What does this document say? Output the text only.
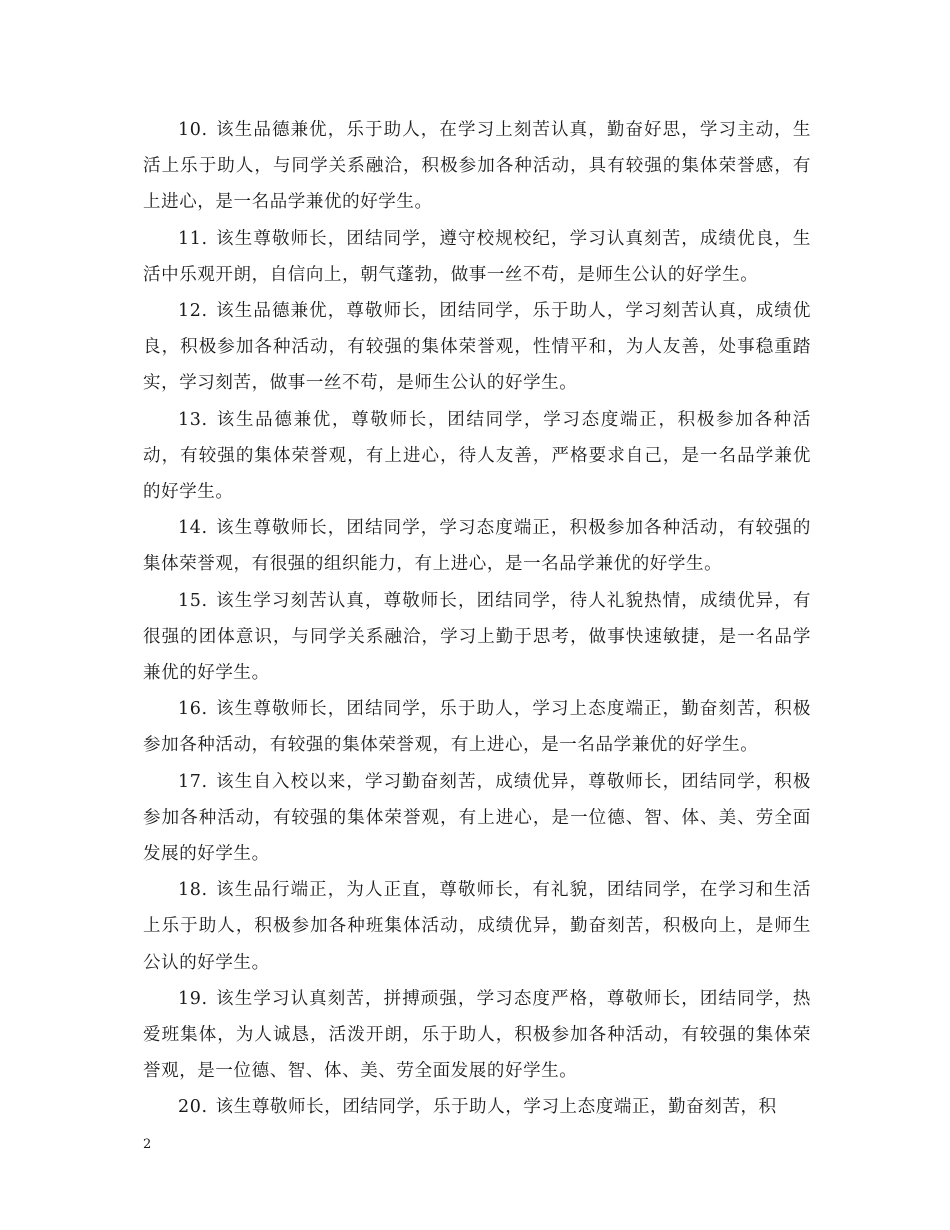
10. 该生品德兼优，乐于助人，在学习上刻苦认真，勤奋好思，学习主动，生活上乐于助人，与同学关系融洽，积极参加各种活动，具有较强的集体荣誉感，有上进心，是一名品学兼优的好学生。

11. 该生尊敬师长，团结同学，遵守校规校纪，学习认真刻苦，成绩优良，生活中乐观开朗，自信向上，朝气蓬勃，做事一丝不苟，是师生公认的好学生。

12. 该生品德兼优，尊敬师长，团结同学，乐于助人，学习刻苦认真，成绩优良，积极参加各种活动，有较强的集体荣誉观，性情平和，为人友善，处事稳重踏实，学习刻苦，做事一丝不苟，是师生公认的好学生。

13. 该生品德兼优，尊敬师长，团结同学，学习态度端正，积极参加各种活动，有较强的集体荣誉观，有上进心，待人友善，严格要求自己，是一名品学兼优的好学生。

14. 该生尊敬师长，团结同学，学习态度端正，积极参加各种活动，有较强的集体荣誉观，有很强的组织能力，有上进心，是一名品学兼优的好学生。

15. 该生学习刻苦认真，尊敬师长，团结同学，待人礼貌热情，成绩优异，有很强的团体意识，与同学关系融洽，学习上勤于思考，做事快速敏捷，是一名品学兼优的好学生。

16. 该生尊敬师长，团结同学，乐于助人，学习上态度端正，勤奋刻苦，积极参加各种活动，有较强的集体荣誉观，有上进心，是一名品学兼优的好学生。

17. 该生自入校以来，学习勤奋刻苦，成绩优异，尊敬师长，团结同学，积极参加各种活动，有较强的集体荣誉观，有上进心，是一位德、智、体、美、劳全面发展的好学生。

18. 该生品行端正，为人正直，尊敬师长，有礼貌，团结同学，在学习和生活上乐于助人，积极参加各种班集体活动，成绩优异，勤奋刻苦，积极向上，是师生公认的好学生。

19. 该生学习认真刻苦，拼搏顽强，学习态度严格，尊敬师长，团结同学，热爱班集体，为人诚恳，活泼开朗，乐于助人，积极参加各种活动，有较强的集体荣誉观，是一位德、智、体、美、劳全面发展的好学生。

20. 该生尊敬师长，团结同学，乐于助人，学习上态度端正，勤奋刻苦，积

2
